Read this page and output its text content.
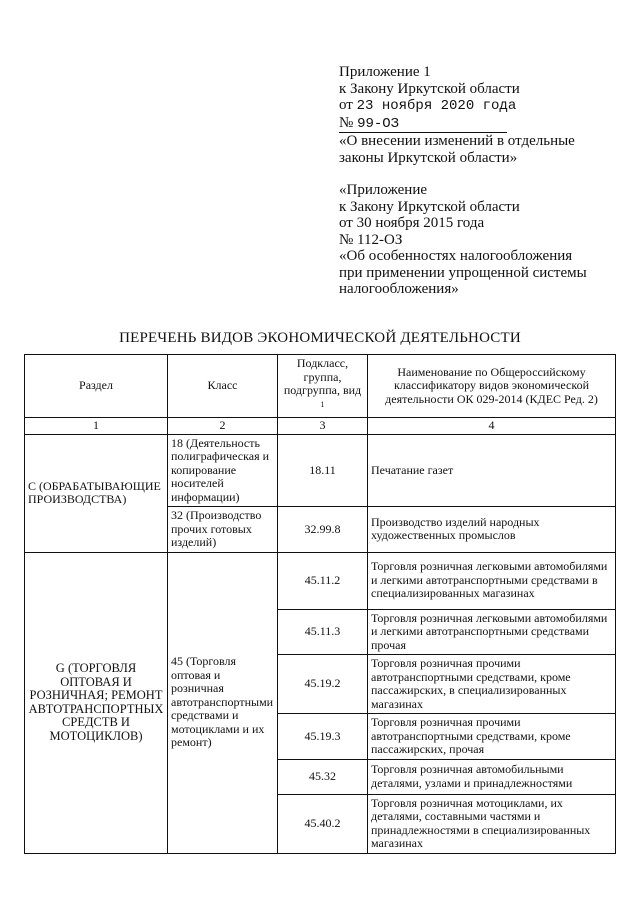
Приложение 1
к Закону Иркутской области
от 23 ноября 2020 года
№ 99-ОЗ
«О внесении изменений в отдельные
законы Иркутской области»
«Приложение
к Закону Иркутской области
от 30 ноября 2015 года
№ 112-ОЗ
«Об особенностях налогообложения
при применении упрощенной системы
налогообложения»
ПЕРЕЧЕНЬ ВИДОВ ЭКОНОМИЧЕСКОЙ ДЕЯТЕЛЬНОСТИ
Раздел	Класс	Подкласс, группа, подгруппа, вид $^1$	Наименование по Общероссийскому классификатору видов экономической деятельности ОК 029-2014 (КДЕС Ред. 2)
1	2	3	4
С (ОБРАБАТЫВАЮЩИЕ ПРОИЗВОДСТВА)	18 (Деятельность полиграфическая и копирование носителей информации)	18.11	Печатание газет
	32 (Производство прочих готовых изделий)	32.99.8	Производство изделий народных художественных промыслов
G (ТОРГОВЛЯ ОПТОВАЯ И РОЗНИЧНАЯ; РЕМОНТ АВТОТРАНСПОРТНЫХ СРЕДСТВ И МОТОЦИКЛОВ)	45 (Торговля оптовая и розничная автотранспортными средствами и мотоциклами и их ремонт)	45.11.2	Торговля розничная легковыми автомобилями и легкими автотранспортными средствами в специализированных магазинах
		45.11.3	Торговля розничная легковыми автомобилями и легкими автотранспортными средствами прочая
		45.19.2	Торговля розничная прочими автотранспортными средствами, кроме пассажирских, в специализированных магазинах
		45.19.3	Торговля розничная прочими автотранспортными средствами, кроме пассажирских, прочая
		45.32	Торговля розничная автомобильными деталями, узлами и принадлежностями
		45.40.2	Торговля розничная мотоциклами, их деталями, составными частями и принадлежностями в специализированных магазинах
